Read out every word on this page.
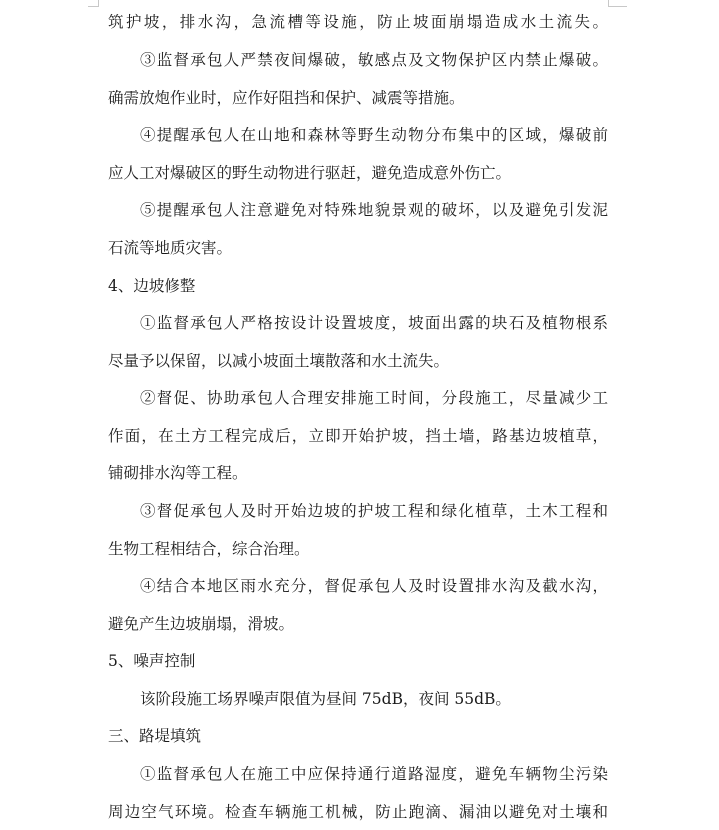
筑护坡，排水沟，急流槽等设施，防止坡面崩塌造成水土流失。
③监督承包人严禁夜间爆破，敏感点及文物保护区内禁止爆破。
确需放炮作业时，应作好阻挡和保护、减震等措施。
④提醒承包人在山地和森林等野生动物分布集中的区域，爆破前
应人工对爆破区的野生动物进行驱赶，避免造成意外伤亡。
⑤提醒承包人注意避免对特殊地貌景观的破坏，以及避免引发泥
石流等地质灾害。
4、边坡修整
①监督承包人严格按设计设置坡度，坡面出露的块石及植物根系
尽量予以保留，以减小坡面土壤散落和水土流失。
②督促、协助承包人合理安排施工时间，分段施工，尽量减少工
作面，在土方工程完成后，立即开始护坡，挡土墙，路基边坡植草，
铺砌排水沟等工程。
③督促承包人及时开始边坡的护坡工程和绿化植草，土木工程和
生物工程相结合，综合治理。
④结合本地区雨水充分，督促承包人及时设置排水沟及截水沟，
避免产生边坡崩塌，滑坡。
5、噪声控制
该阶段施工场界噪声限值为昼间 75dB，夜间 55dB。
三、路堤填筑
①监督承包人在施工中应保持通行道路湿度，避免车辆物尘污染
周边空气环境。检查车辆施工机械，防止跑滴、漏油以避免对土壤和
